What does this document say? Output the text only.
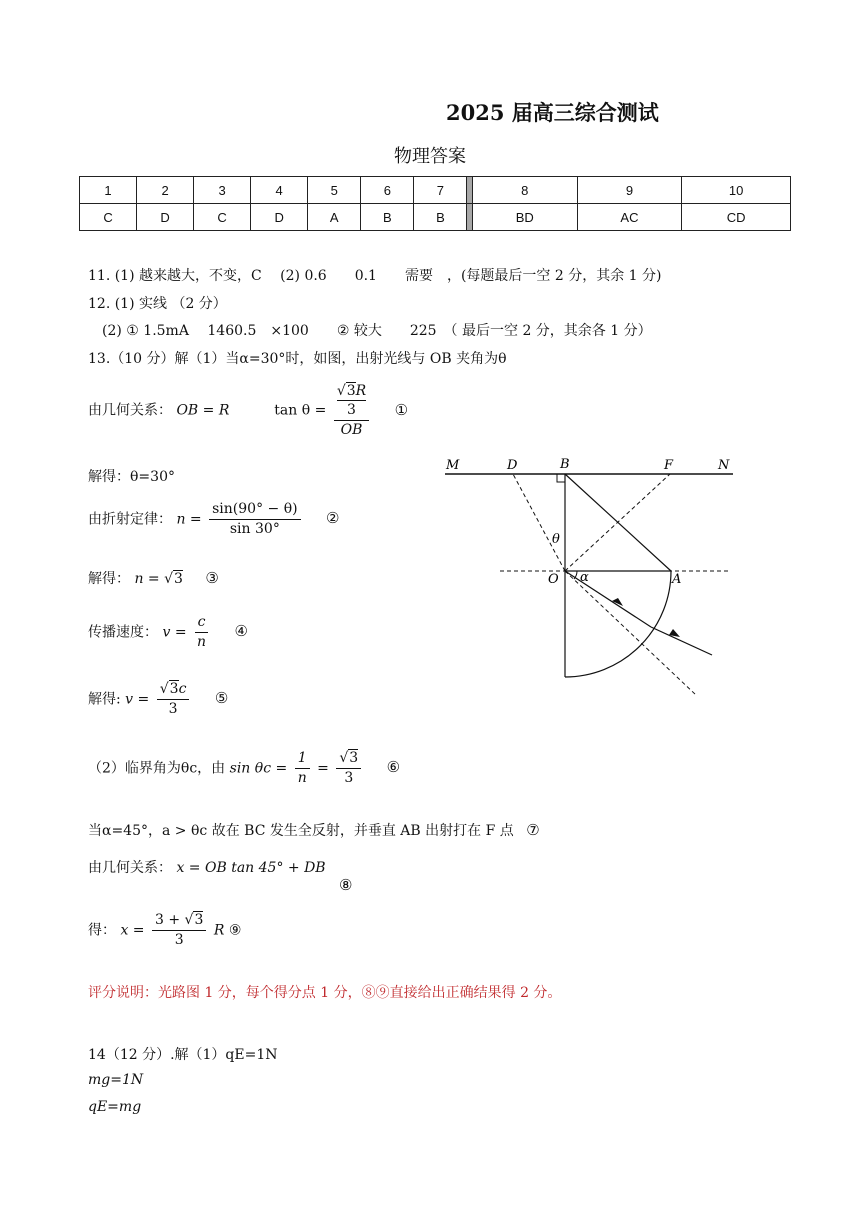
2025 届高三综合测试
物理答案
1	2	3	4	5	6	7		8	9	10
C	D	C	D	A	B	B		BD	AC	CD
11. (1) 越来越大，不变，C　 (2) 0.6　　0.1　　需要　，(每题最后一空 2 分，其余 1 分)
12. (1) 实线 （2 分）
(2) ① 1.5mA　 1460.5　×100　　② 较大　　225　（ 最后一空 2 分，其余各 1 分）
13.（10 分）解（1）当α=30°时，如图，出射光线与 OB 夹角为θ
由几何关系： OB = R	$\tan \theta = \frac{\frac{√3R}{3}}{OB}$ ①
解得：θ=30°
由折射定律： $n = \frac{\sin(90^\circ - \theta)}{\sin 30^\circ}$ ②
解得： n = √3 ③
传播速度： $v = \frac{c}{n}$ ④
解得: $v = \frac{√3c}{3}$ ⑤
（2）临界角为θc，由 $\sin \theta c = \frac{1}{n} = \frac{√3}{3}$ ⑥
当α=45°，a > θc 故在 BC 发生全反射，并垂直 AB 出射打在 F 点 ⑦
由几何关系： x = OB tan 45° + DB
⑧
得： $x = \frac{3 + √3}{3}$ R ⑨
评分说明：光路图 1 分，每个得分点 1 分，⑧⑨直接给出正确结果得 2 分。
14（12 分）.解（1）qE=1N
mg=1N
qE=mg
M	D	B	F	N
O	A
θ
α
